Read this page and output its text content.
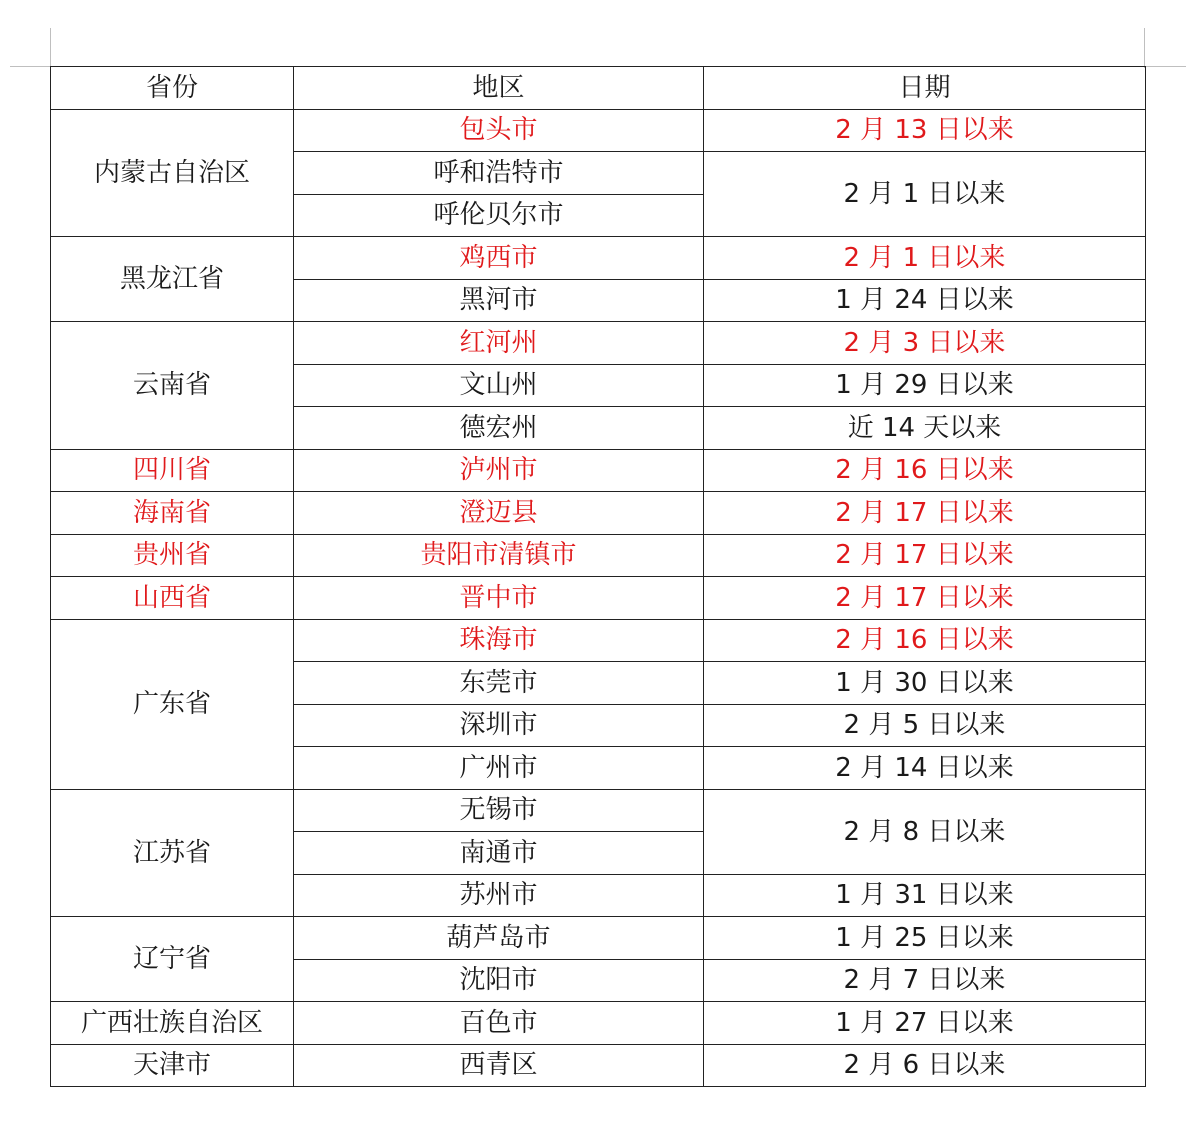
省份	地区	日期
内蒙古自治区	包头市	2 月 13 日以来
	呼和浩特市	2 月 1 日以来
	呼伦贝尔市	
黑龙江省	鸡西市	2 月 1 日以来
	黑河市	1 月 24 日以来
云南省	红河州	2 月 3 日以来
	文山州	1 月 29 日以来
	德宏州	近 14 天以来
四川省	泸州市	2 月 16 日以来
海南省	澄迈县	2 月 17 日以来
贵州省	贵阳市清镇市	2 月 17 日以来
山西省	晋中市	2 月 17 日以来
广东省	珠海市	2 月 16 日以来
	东莞市	1 月 30 日以来
	深圳市	2 月 5 日以来
	广州市	2 月 14 日以来
江苏省	无锡市	2 月 8 日以来
	南通市	
	苏州市	1 月 31 日以来
辽宁省	葫芦岛市	1 月 25 日以来
	沈阳市	2 月 7 日以来
广西壮族自治区	百色市	1 月 27 日以来
天津市	西青区	2 月 6 日以来
